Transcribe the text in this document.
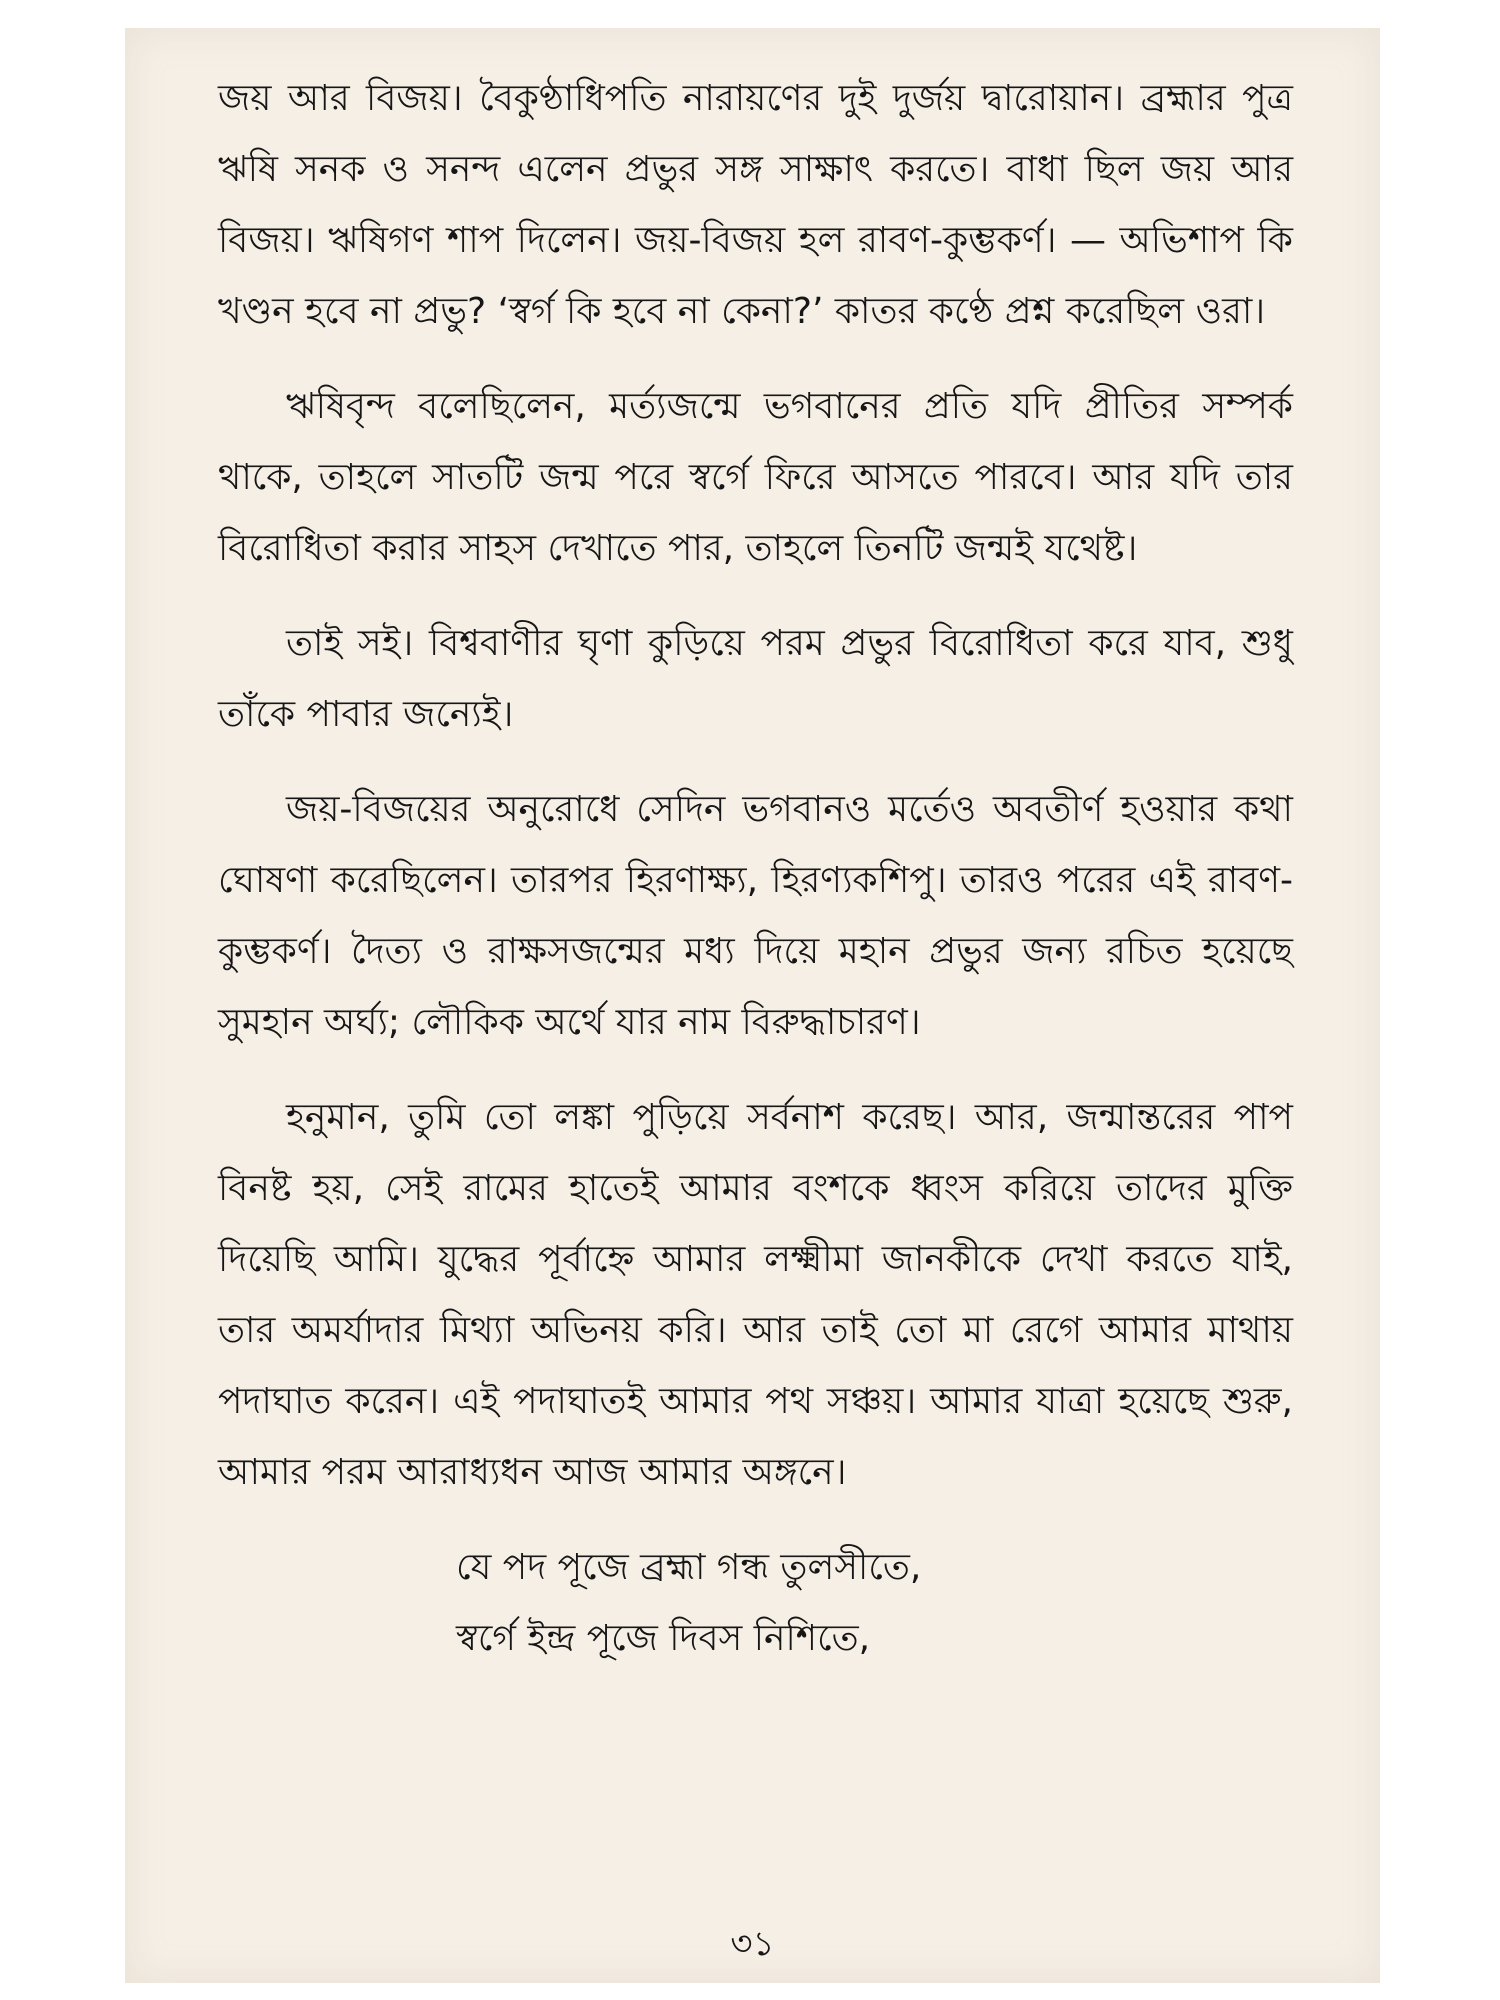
জয় আর বিজয়। বৈকুণ্ঠাধিপতি নারায়ণের দুই দুর্জয় দ্বারোয়ান। ব্রহ্মার পুত্র ঋষি সনক ও সনন্দ এলেন প্রভুর সঙ্গ সাক্ষাৎ করতে। বাধা ছিল জয় আর বিজয়। ঋষিগণ শাপ দিলেন। জয়-বিজয় হল রাবণ-কুম্ভকর্ণ। — অভিশাপ কি খণ্ডন হবে না প্রভু? ‘স্বর্গ কি হবে না কেনা?’ কাতর কণ্ঠে প্রশ্ন করেছিল ওরা।

ঋষিবৃন্দ বলেছিলেন, মর্ত্যজন্মে ভগবানের প্রতি যদি প্রীতির সম্পর্ক থাকে, তাহলে সাতটি জন্ম পরে স্বর্গে ফিরে আসতে পারবে। আর যদি তার বিরোধিতা করার সাহস দেখাতে পার, তাহলে তিনটি জন্মই যথেষ্ট।

তাই সই। বিশ্ববাণীর ঘৃণা কুড়িয়ে পরম প্রভুর বিরোধিতা করে যাব, শুধু তাঁকে পাবার জন্যেই।

জয়-বিজয়ের অনুরোধে সেদিন ভগবানও মর্তেও অবতীর্ণ হওয়ার কথা ঘোষণা করেছিলেন। তারপর হিরণাক্ষ্য, হিরণ্যকশিপু। তারও পরের এই রাবণ-কুম্ভকর্ণ। দৈত্য ও রাক্ষসজন্মের মধ্য দিয়ে মহান প্রভুর জন্য রচিত হয়েছে সুমহান অর্ঘ্য; লৌকিক অর্থে যার নাম বিরুদ্ধাচারণ।

হনুমান, তুমি তো লঙ্কা পুড়িয়ে সর্বনাশ করেছ। আর, জন্মান্তরের পাপ বিনষ্ট হয়, সেই রামের হাতেই আমার বংশকে ধ্বংস করিয়ে তাদের মুক্তি দিয়েছি আমি। যুদ্ধের পূর্বাহ্নে আমার লক্ষ্মীমা জানকীকে দেখা করতে যাই, তার অমর্যাদার মিথ্যা অভিনয় করি। আর তাই তো মা রেগে আমার মাথায় পদাঘাত করেন। এই পদাঘাতই আমার পথ সঞ্চয়। আমার যাত্রা হয়েছে শুরু, আমার পরম আরাধ্যধন আজ আমার অঙ্গনে।

যে পদ পূজে ব্রহ্মা গন্ধ তুলসীতে,
স্বর্গে ইন্দ্র পূজে দিবস নিশিতে,
৩১
